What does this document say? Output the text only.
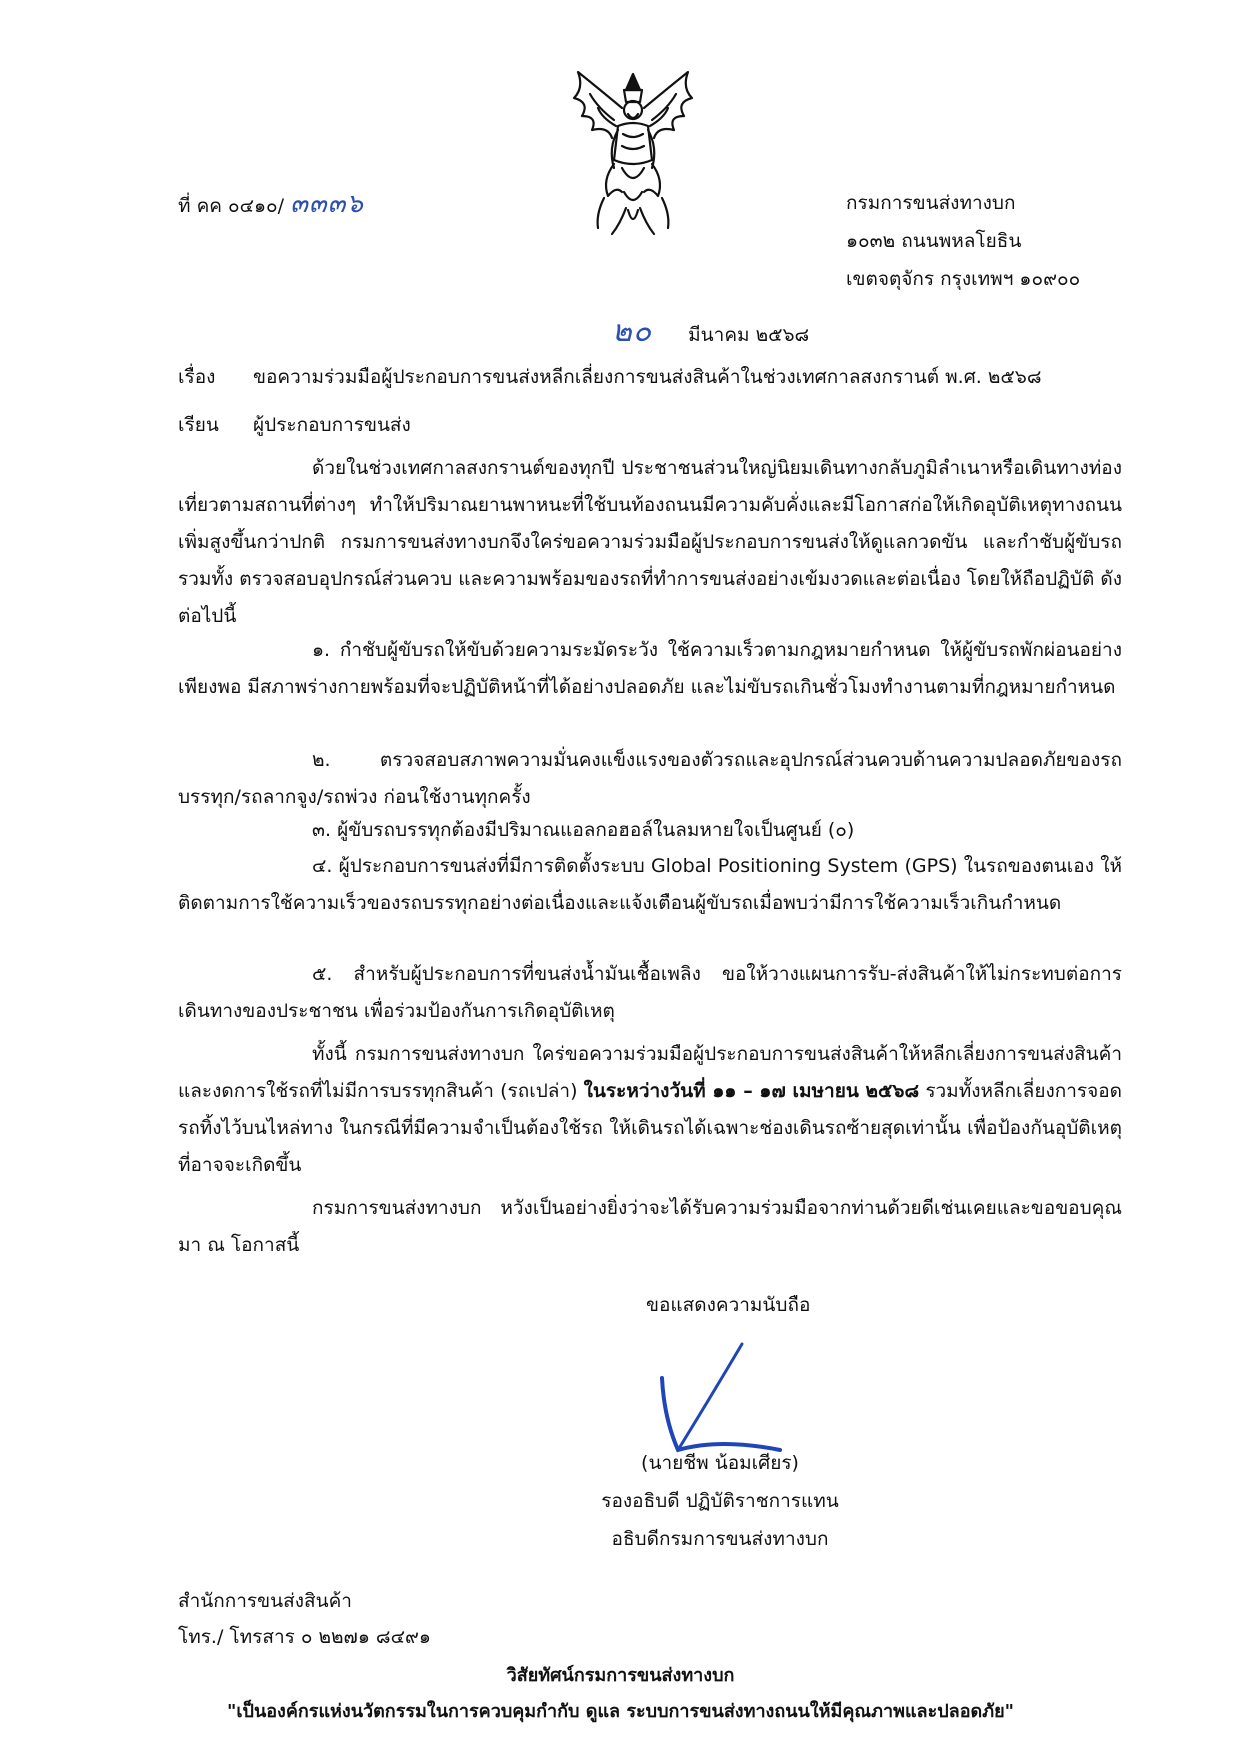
ที่ คค ๐๔๑๐/ ๓๓๓๖	กรมการขนส่งทางบก
๑๐๓๒ ถนนพหลโยธิน
เขตจตุจักร กรุงเทพฯ ๑๐๙๐๐
๒๐ มีนาคม ๒๕๖๘
เรื่อง ขอความร่วมมือผู้ประกอบการขนส่งหลีกเลี่ยงการขนส่งสินค้าในช่วงเทศกาลสงกรานต์ พ.ศ. ๒๕๖๘
เรียน ผู้ประกอบการขนส่ง

ด้วยในช่วงเทศกาลสงกรานต์ของทุกปี ประชาชนส่วนใหญ่นิยมเดินทางกลับภูมิลำเนาหรือเดินทางท่องเที่ยวตามสถานที่ต่างๆ ทำให้ปริมาณยานพาหนะที่ใช้บนท้องถนนมีความคับคั่งและมีโอกาสก่อให้เกิดอุบัติเหตุทางถนนเพิ่มสูงขึ้นกว่าปกติ กรมการขนส่งทางบกจึงใคร่ขอความร่วมมือผู้ประกอบการขนส่งให้ดูแลกวดขัน และกำชับผู้ขับรถ รวมทั้ง ตรวจสอบอุปกรณ์ส่วนควบ และความพร้อมของรถที่ทำการขนส่งอย่างเข้มงวดและต่อเนื่อง โดยให้ถือปฏิบัติ ดังต่อไปนี้

๑. กำชับผู้ขับรถให้ขับด้วยความระมัดระวัง ใช้ความเร็วตามกฎหมายกำหนด ให้ผู้ขับรถพักผ่อนอย่างเพียงพอ มีสภาพร่างกายพร้อมที่จะปฏิบัติหน้าที่ได้อย่างปลอดภัย และไม่ขับรถเกินชั่วโมงทำงานตามที่กฎหมายกำหนด

๒. ตรวจสอบสภาพความมั่นคงแข็งแรงของตัวรถและอุปกรณ์ส่วนควบด้านความปลอดภัยของรถบรรทุก/รถลากจูง/รถพ่วง ก่อนใช้งานทุกครั้ง

๓. ผู้ขับรถบรรทุกต้องมีปริมาณแอลกอฮอล์ในลมหายใจเป็นศูนย์ (๐)

๔. ผู้ประกอบการขนส่งที่มีการติดตั้งระบบ Global Positioning System (GPS) ในรถของตนเอง ให้ติดตามการใช้ความเร็วของรถบรรทุกอย่างต่อเนื่องและแจ้งเตือนผู้ขับรถเมื่อพบว่ามีการใช้ความเร็วเกินกำหนด

๕. สำหรับผู้ประกอบการที่ขนส่งน้ำมันเชื้อเพลิง ขอให้วางแผนการรับ-ส่งสินค้าให้ไม่กระทบต่อการเดินทางของประชาชน เพื่อร่วมป้องกันการเกิดอุบัติเหตุ

ทั้งนี้ กรมการขนส่งทางบก ใคร่ขอความร่วมมือผู้ประกอบการขนส่งสินค้าให้หลีกเลี่ยงการขนส่งสินค้า และงดการใช้รถที่ไม่มีการบรรทุกสินค้า (รถเปล่า) ในระหว่างวันที่ ๑๑ – ๑๗ เมษายน ๒๕๖๘ รวมทั้งหลีกเลี่ยงการจอดรถทิ้งไว้บนไหล่ทาง ในกรณีที่มีความจำเป็นต้องใช้รถ ให้เดินรถได้เฉพาะช่องเดินรถซ้ายสุดเท่านั้น เพื่อป้องกันอุบัติเหตุที่อาจจะเกิดขึ้น

กรมการขนส่งทางบก หวังเป็นอย่างยิ่งว่าจะได้รับความร่วมมือจากท่านด้วยดีเช่นเคยและขอขอบคุณมา ณ โอกาสนี้

ขอแสดงความนับถือ
(นายชีพ น้อมเศียร)
รองอธิบดี ปฏิบัติราชการแทน
อธิบดีกรมการขนส่งทางบก
สำนักการขนส่งสินค้า
โทร./ โทรสาร ๐ ๒๒๗๑ ๘๔๙๑
วิสัยทัศน์กรมการขนส่งทางบก
"เป็นองค์กรแห่งนวัตกรรมในการควบคุมกำกับ ดูแล ระบบการขนส่งทางถนนให้มีคุณภาพและปลอดภัย"
